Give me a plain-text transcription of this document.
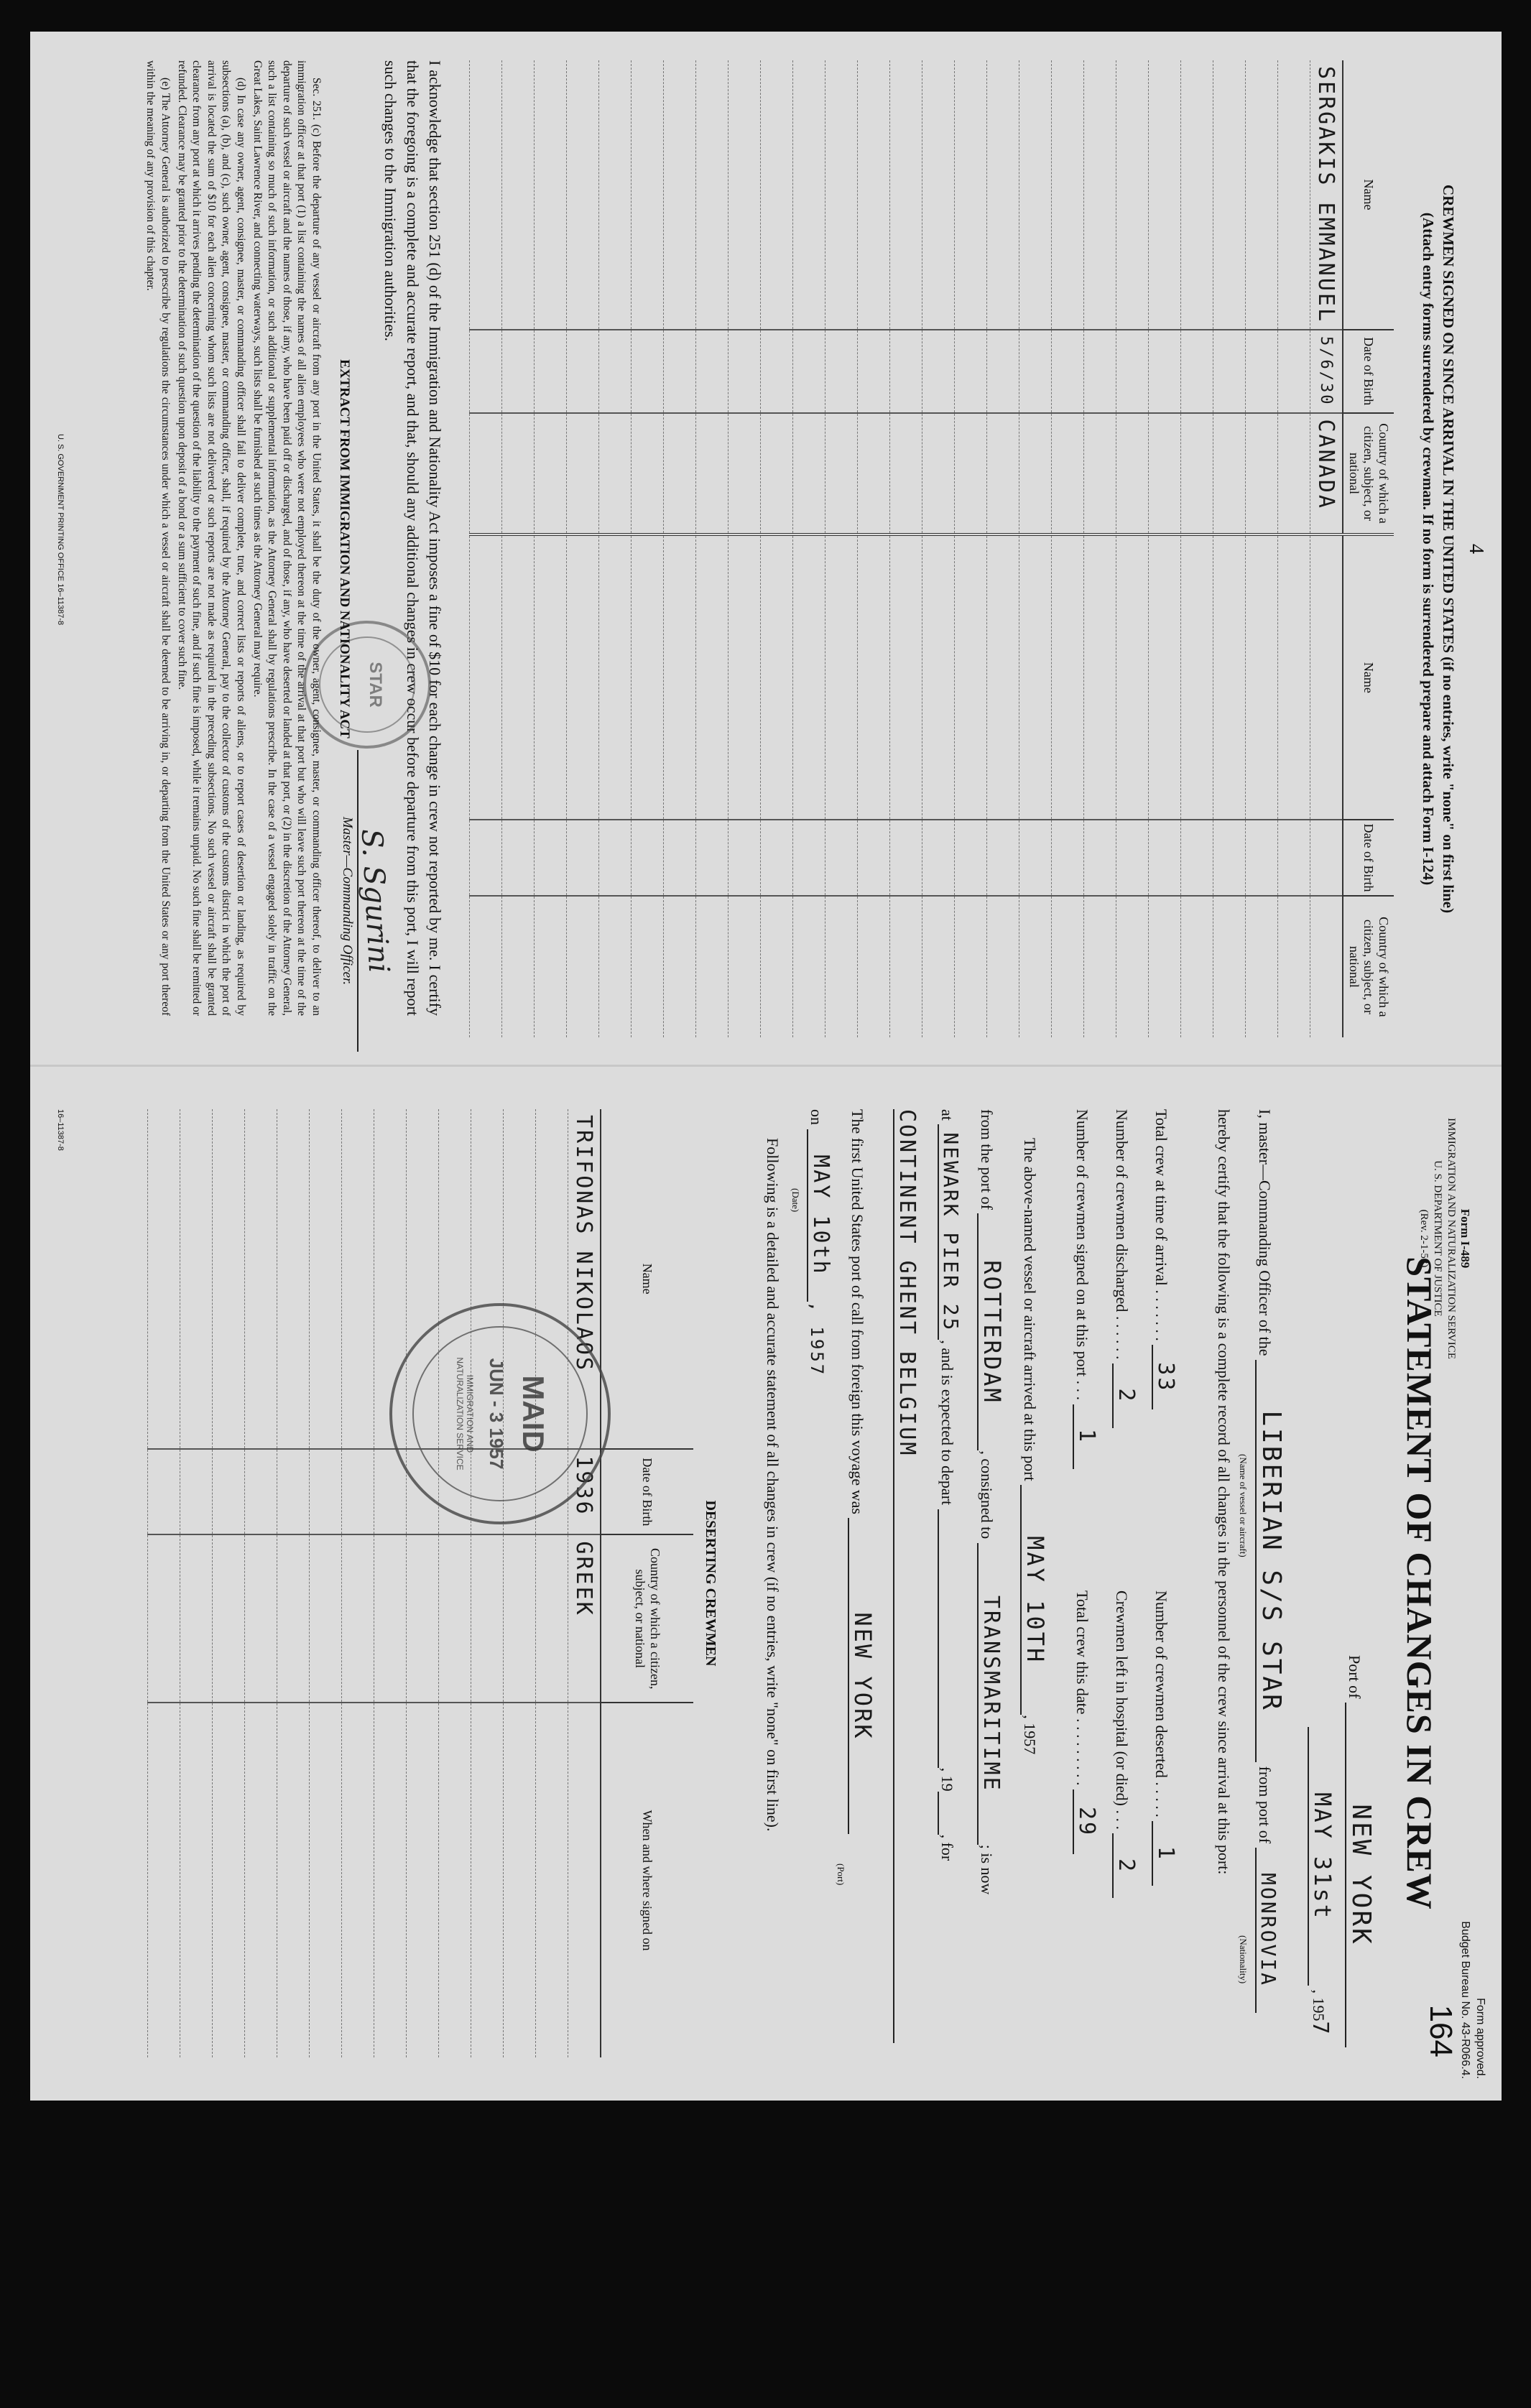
4
CREWMEN SIGNED ON SINCE ARRIVAL IN THE UNITED STATES (if no entries, write "none" on first line)
(Attach entry forms surrendered by crewman. If no form is surrendered prepare and attach Form I-124)
Name	Date of Birth	Country of which a citizen, subject, or national	Name	Date of Birth	Country of which a citizen, subject, or national
SERGAKIS EMMANUEL	5/6/30	CANADA			

I acknowledge that section 251 (d) of the Immigration and Nationality Act imposes a fine of $10 for each change in crew not reported by me. I certify that the foregoing is a complete and accurate report, and that, should any additional changes in crew occur before departure from this port, I will report such changes to the Immigration authorities.
STAR
S. Sgurini
Master—Commanding Officer.
EXTRACT FROM IMMIGRATION AND NATIONALITY ACT

Sec. 251. (c) Before the departure of any vessel or aircraft from any port in the United States, it shall be the duty of the owner, agent, consignee, master, or commanding officer thereof, to deliver to an immigration officer at that port (1) a list containing the names of all alien employees who were not employed thereon at the time of the arrival at that port but who will leave such port thereon at the time of the departure of such vessel or aircraft and the names of those, if any, who have been paid off or discharged, and of those, if any, who have deserted or landed at that port, or (2) in the discretion of the Attorney General, such a list containing so much of such information, or such additional or supplemental information, as the Attorney General shall by regulations prescribe. In the case of a vessel engaged solely in traffic on the Great Lakes, Saint Lawrence River, and connecting waterways, such lists shall be furnished at such times as the Attorney General may require.

(d) In case any owner, agent, consignee, master, or commanding officer shall fail to deliver complete, true, and correct lists or reports of aliens, or to report cases of desertion or landing, as required by subsections (a), (b), and (c), such owner, agent, consignee, master, or commanding officer, shall, if required by the Attorney General, pay to the collector of customs of the customs district in which the port of arrival is located the sum of $10 for each alien concerning whom such lists are not delivered or such reports are not made as required in the preceding subsections. No such vessel or aircraft shall be granted clearance from any port at which it arrives pending the determination of the question of the liability to the payment of such fine, and if such fine is imposed, while it remains unpaid. No such fine shall be remitted or refunded. Clearance may be granted prior to the determination of such question upon deposit of a bond or a sum sufficient to cover such fine.

(e) The Attorney General is authorized to prescribe by regulations the circumstances under which a vessel or aircraft shall be deemed to be arriving in, or departing from the United States or any port thereof within the meaning of any provision of this chapter.

U. S. GOVERNMENT PRINTING OFFICE 16–11387-8
Form approved.
Budget Bureau No. 43-R066.4.
Form I-489
IMMIGRATION AND NATURALIZATION SERVICE
U. S. DEPARTMENT OF JUSTICE
(Rev. 2-1-53)
164
STATEMENT OF CHANGES IN CREW
Port of NEW YORK
MAY 31st , 1957
I, master—Commanding Officer of the LIBERIAN S/S STAR from port of MONROVIA
(Name of vessel or aircraft)
(Nationality)
hereby certify that the following is a complete record of all changes in the personnel of the crew since arrival at this port:
Total crew at time of arrival . . . . . . . 33
Number of crewmen deserted . . . . . 1
Number of crewmen discharged . . . . . . 2
Crewmen left in hospital (or died) . . . 2
Number of crewmen signed on at this port . . . 1
Total crew this date . . . . . . . . . 29
The above-named vessel or aircraft arrived at this port MAY 10TH, 1957
from the port of ROTTERDAM, consigned to TRANSMARITIME; is now
at NEWARK PIER 25, and is expected to depart  , 19 , for
CONTINENT GHENT BELGIUM
The first United States port of call from foreign this voyage was NEW YORK
(Port)
on MAY 10th, 1957
(Date)
Following is a detailed and accurate statement of all changes in crew (if no entries, write "none" on first line).
DESERTING CREWMEN
Name	Date of Birth	Country of which a citizen, subject, or national	When and where signed on
TRIFONAS NIKOLAOS	1936	GREEK	

MAID
JUN - 3 1957
IMMIGRATION AND NATURALIZATION SERVICE
16–11387-8
